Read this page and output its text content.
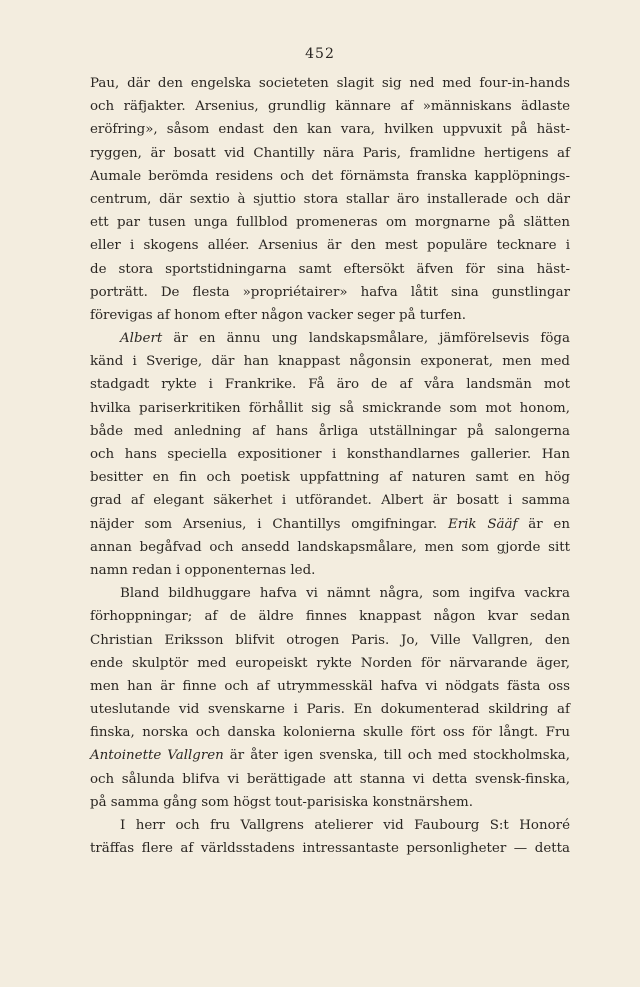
452
Pau, där den engelska societeten slagit sig ned med four-in-hands
och räfjakter. Arsenius, grundlig kännare af »människans ädlaste
eröfring», såsom endast den kan vara, hvilken uppvuxit på häst-
ryggen, är bosatt vid Chantilly nära Paris, framlidne hertigens af
Aumale berömda residens och det förnämsta franska kapplöpnings-
centrum, där sextio à sjuttio stora stallar äro installerade och där
ett par tusen unga fullblod promeneras om morgnarne på slätten
eller i skogens alléer. Arsenius är den mest populäre tecknare i
de stora sportstidningarna samt eftersökt äfven för sina häst-
porträtt. De flesta »propriétairer» hafva låtit sina gunstlingar
förevigas af honom efter någon vacker seger på turfen.
Albert är en ännu ung landskapsmålare, jämförelsevis föga
känd i Sverige, där han knappast någonsin exponerat, men med
stadgadt rykte i Frankrike. Få äro de af våra landsmän mot
hvilka pariserkritiken förhållit sig så smickrande som mot honom,
både med anledning af hans årliga utställningar på salongerna
och hans speciella expositioner i konsthandlarnes gallerier. Han
besitter en fin och poetisk uppfattning af naturen samt en hög
grad af elegant säkerhet i utförandet. Albert är bosatt i samma
näjder som Arsenius, i Chantillys omgifningar. Erik Sääf är en
annan begåfvad och ansedd landskapsmålare, men som gjorde sitt
namn redan i opponenternas led.
Bland bildhuggare hafva vi nämnt några, som ingifva vackra
förhoppningar; af de äldre finnes knappast någon kvar sedan
Christian Eriksson blifvit otrogen Paris. Jo, Ville Vallgren, den
ende skulptör med europeiskt rykte Norden för närvarande äger,
men han är finne och af utrymmesskäl hafva vi nödgats fästa oss
uteslutande vid svenskarne i Paris. En dokumenterad skildring af
finska, norska och danska kolonierna skulle fört oss för långt. Fru
Antoinette Vallgren är åter igen svenska, till och med stockholmska,
och sålunda blifva vi berättigade att stanna vi detta svensk-finska,
på samma gång som högst tout-parisiska konstnärshem.
I herr och fru Vallgrens atelierer vid Faubourg S:t Honoré
träffas flere af världsstadens intressantaste personligheter — detta
